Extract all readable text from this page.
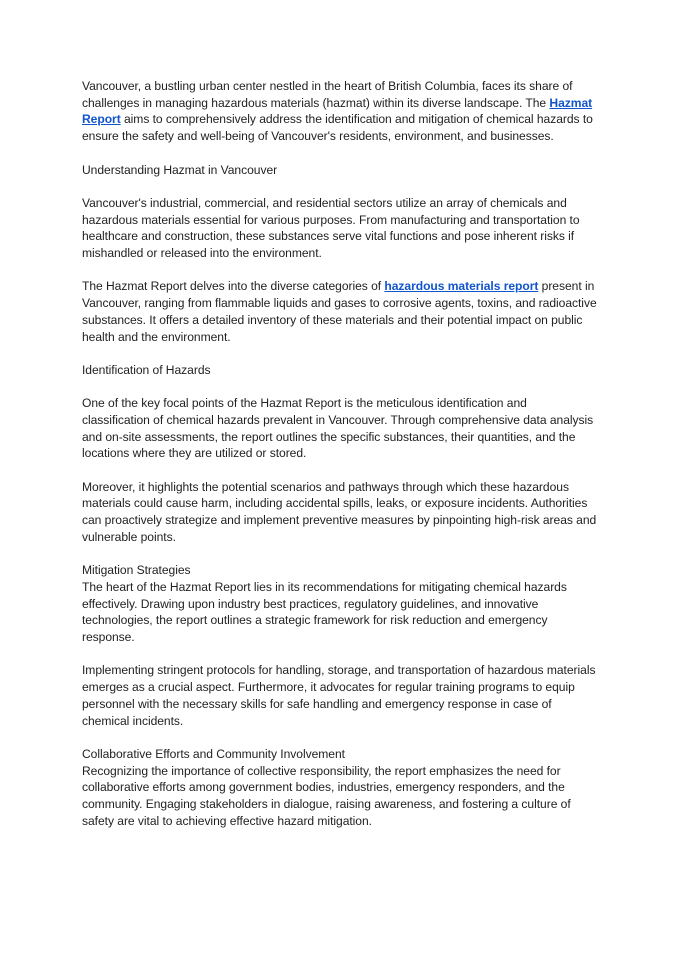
Vancouver, a bustling urban center nestled in the heart of British Columbia, faces its share of challenges in managing hazardous materials (hazmat) within its diverse landscape. The Hazmat Report aims to comprehensively address the identification and mitigation of chemical hazards to ensure the safety and well-being of Vancouver's residents, environment, and businesses.

Understanding Hazmat in Vancouver

Vancouver's industrial, commercial, and residential sectors utilize an array of chemicals and hazardous materials essential for various purposes. From manufacturing and transportation to healthcare and construction, these substances serve vital functions and pose inherent risks if mishandled or released into the environment.

The Hazmat Report delves into the diverse categories of hazardous materials report present in Vancouver, ranging from flammable liquids and gases to corrosive agents, toxins, and radioactive substances. It offers a detailed inventory of these materials and their potential impact on public health and the environment.

Identification of Hazards

One of the key focal points of the Hazmat Report is the meticulous identification and classification of chemical hazards prevalent in Vancouver. Through comprehensive data analysis and on-site assessments, the report outlines the specific substances, their quantities, and the locations where they are utilized or stored.

Moreover, it highlights the potential scenarios and pathways through which these hazardous materials could cause harm, including accidental spills, leaks, or exposure incidents. Authorities can proactively strategize and implement preventive measures by pinpointing high-risk areas and vulnerable points.

Mitigation Strategies

The heart of the Hazmat Report lies in its recommendations for mitigating chemical hazards effectively. Drawing upon industry best practices, regulatory guidelines, and innovative technologies, the report outlines a strategic framework for risk reduction and emergency response.

Implementing stringent protocols for handling, storage, and transportation of hazardous materials emerges as a crucial aspect. Furthermore, it advocates for regular training programs to equip personnel with the necessary skills for safe handling and emergency response in case of chemical incidents.

Collaborative Efforts and Community Involvement

Recognizing the importance of collective responsibility, the report emphasizes the need for collaborative efforts among government bodies, industries, emergency responders, and the community. Engaging stakeholders in dialogue, raising awareness, and fostering a culture of safety are vital to achieving effective hazard mitigation.
